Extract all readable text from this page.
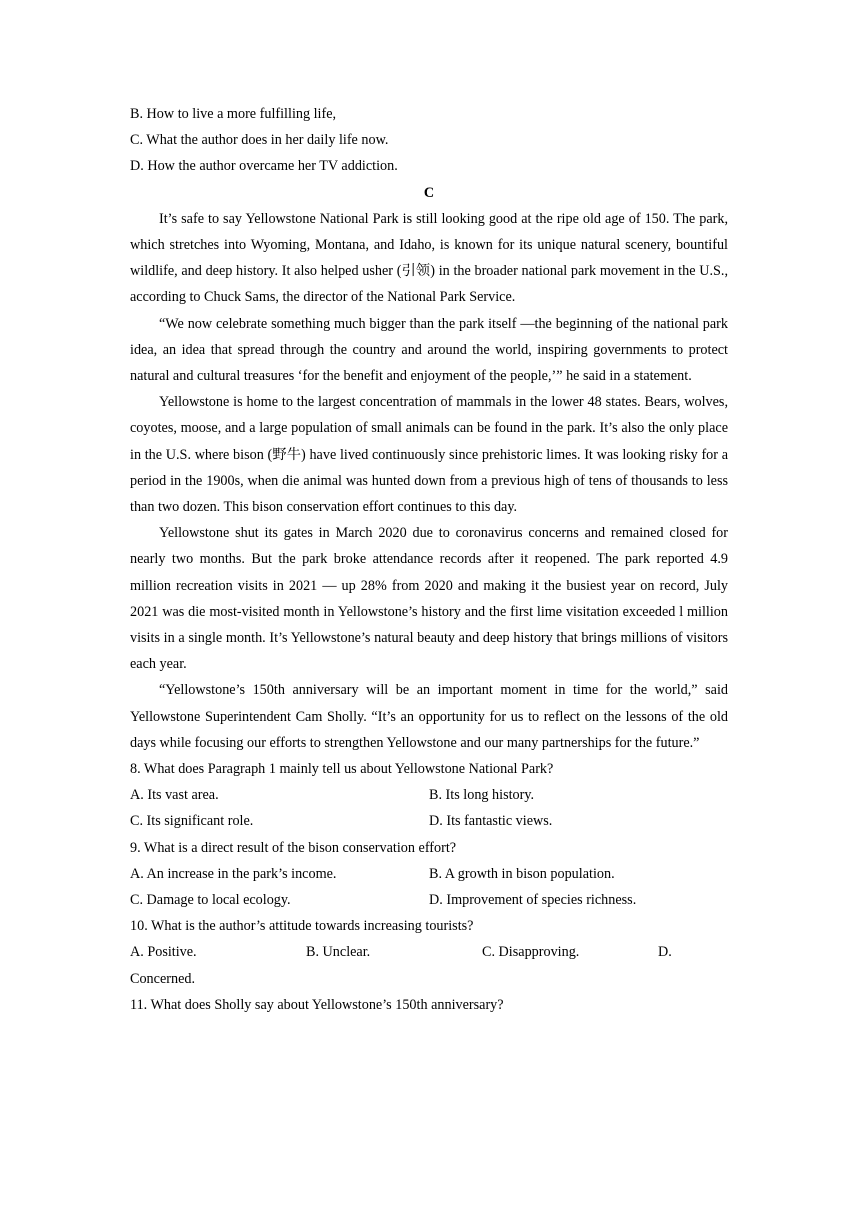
B. How to live a more fulfilling life,
C. What the author does in her daily life now.
D. How the author overcame her TV addiction.
C

It’s safe to say Yellowstone National Park is still looking good at the ripe old age of 150. The park, which stretches into Wyoming, Montana, and Idaho, is known for its unique natural scenery, bountiful wildlife, and deep history. It also helped usher (引领) in the broader national park movement in the U.S., according to Chuck Sams, the director of the National Park Service.

“We now celebrate something much bigger than the park itself —the beginning of the national park idea, an idea that spread through the country and around the world, inspiring governments to protect natural and cultural treasures ‘for the benefit and enjoyment of the people,’” he said in a statement.

Yellowstone is home to the largest concentration of mammals in the lower 48 states. Bears, wolves, coyotes, moose, and a large population of small animals can be found in the park. It’s also the only place in the U.S. where bison (野牛) have lived continuously since prehistoric limes. It was looking risky for a period in the 1900s, when die animal was hunted down from a previous high of tens of thousands to less than two dozen. This bison conservation effort continues to this day.

Yellowstone shut its gates in March 2020 due to coronavirus concerns and remained closed for nearly two months. But the park broke attendance records after it reopened. The park reported 4.9 million recreation visits in 2021 — up 28% from 2020 and making it the busiest year on record, July 2021 was die most-visited month in Yellowstone’s history and the first lime visitation exceeded l million visits in a single month. It’s Yellowstone’s natural beauty and deep history that brings millions of visitors each year.

“Yellowstone’s 150th anniversary will be an important moment in time for the world,” said Yellowstone Superintendent Cam Sholly. “It’s an opportunity for us to reflect on the lessons of the old days while focusing our efforts to strengthen Yellowstone and our many partnerships for the future.”

8. What does Paragraph 1 mainly tell us about Yellowstone National Park?
A. Its vast area.	B. Its long history.
C. Its significant role.	D. Its fantastic views.
9. What is a direct result of the bison conservation effort?
A. An increase in the park’s income.	B. A growth in bison population.
C. Damage to local ecology.	D. Improvement of species richness.
10. What is the author’s attitude towards increasing tourists?
A. Positive.	B. Unclear.	C. Disapproving.	D.
Concerned.
11. What does Sholly say about Yellowstone’s 150th anniversary?
